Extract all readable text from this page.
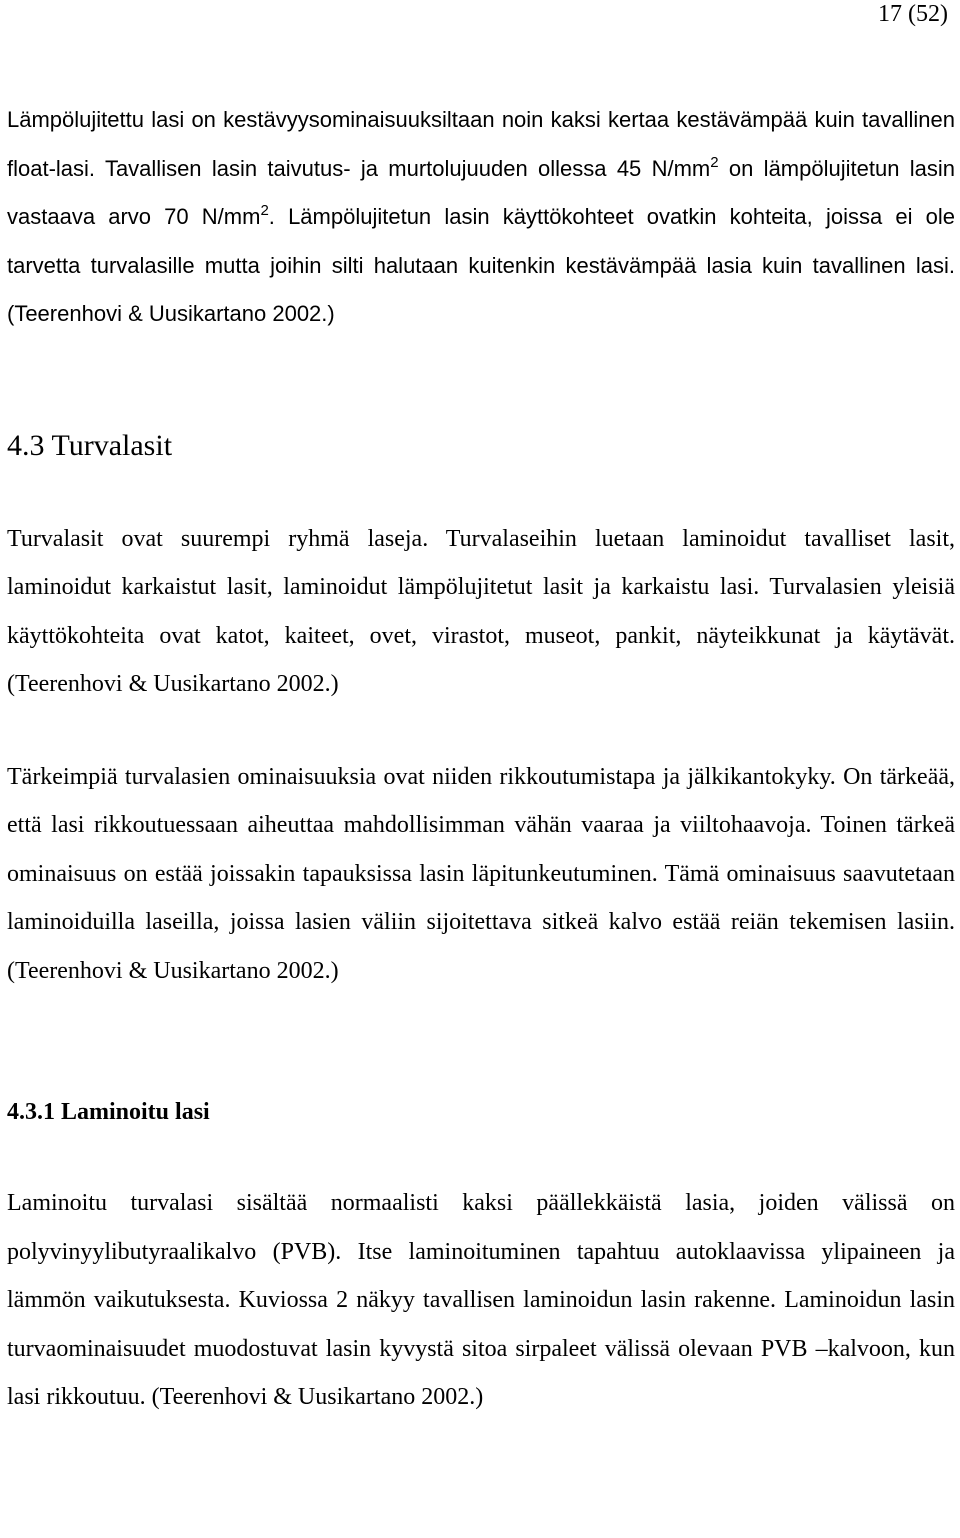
17 (52)

Lämpölujitettu lasi on kestävyysominaisuuksiltaan noin kaksi kertaa kestävämpää kuin tavallinen float-lasi. Tavallisen lasin taivutus- ja murtolujuuden ollessa 45 $N/mm^2$ on lämpölujitetun lasin vastaava arvo 70 $N/mm^2$. Lämpölujitetun lasin käyttökohteet ovatkin kohteita, joissa ei ole tarvetta turvalasille mutta joihin silti halutaan kuitenkin kestävämpää lasia kuin tavallinen lasi. (Teerenhovi & Uusikartano 2002.)

4.3 Turvalasit

Turvalasit ovat suurempi ryhmä laseja. Turvalaseihin luetaan laminoidut tavalliset lasit, laminoidut karkaistut lasit, laminoidut lämpölujitetut lasit ja karkaistu lasi. Turvalasien yleisiä käyttökohteita ovat katot, kaiteet, ovet, virastot, museot, pankit, näyteikkunat ja käytävät. (Teerenhovi & Uusikartano 2002.)

Tärkeimpiä turvalasien ominaisuuksia ovat niiden rikkoutumistapa ja jälkikantokyky. On tärkeää, että lasi rikkoutuessaan aiheuttaa mahdollisimman vähän vaaraa ja viiltohaavoja. Toinen tärkeä ominaisuus on estää joissakin tapauksissa lasin läpitunkeutuminen. Tämä ominaisuus saavutetaan laminoiduilla laseilla, joissa lasien väliin sijoitettava sitkeä kalvo estää reiän tekemisen lasiin. (Teerenhovi & Uusikartano 2002.)

4.3.1 Laminoitu lasi

Laminoitu turvalasi sisältää normaalisti kaksi päällekkäistä lasia, joiden välissä on polyvinyylibutyraalikalvo (PVB). Itse laminoituminen tapahtuu autoklaavissa ylipaineen ja lämmön vaikutuksesta. Kuviossa 2 näkyy tavallisen laminoidun lasin rakenne. Laminoidun lasin turvaominaisuudet muodostuvat lasin kyvystä sitoa sirpaleet välissä olevaan PVB –kalvoon, kun lasi rikkoutuu. (Teerenhovi & Uusikartano 2002.)
